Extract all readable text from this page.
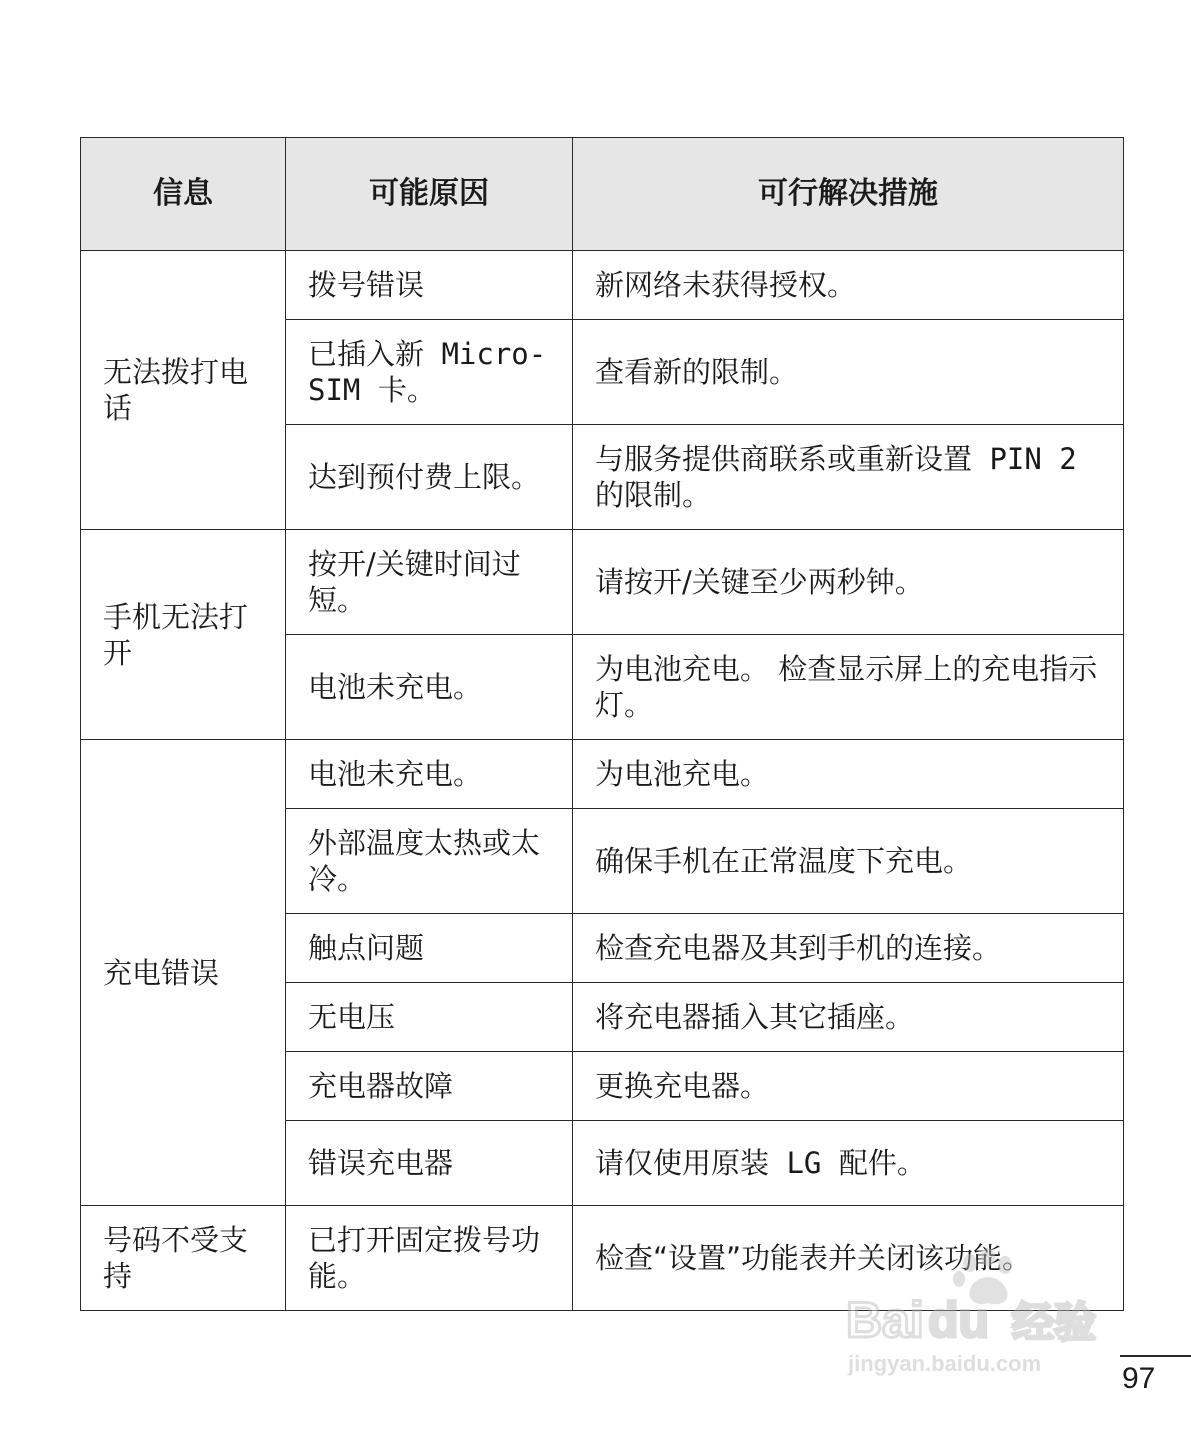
信息	可能原因	可行解决措施
无法拨打电话	拨号错误	新网络未获得授权。
	已插入新 Micro-SIM 卡。	查看新的限制。
	达到预付费上限。	与服务提供商联系或重新设置 PIN 2 的限制。
手机无法打开	按开/关键时间过短。	请按开/关键至少两秒钟。
	电池未充电。	为电池充电。 检查显示屏上的充电指示灯。
充电错误	电池未充电。	为电池充电。
	外部温度太热或太冷。	确保手机在正常温度下充电。
	触点问题	检查充电器及其到手机的连接。
	无电压	将充电器插入其它插座。
	充电器故障	更换充电器。
	错误充电器	请仅使用原装 LG 配件。
号码不受支持	已打开固定拨号功能。	检查“设置”功能表并关闭该功能。
Bai du 经验
jingyan.baidu.com	97
